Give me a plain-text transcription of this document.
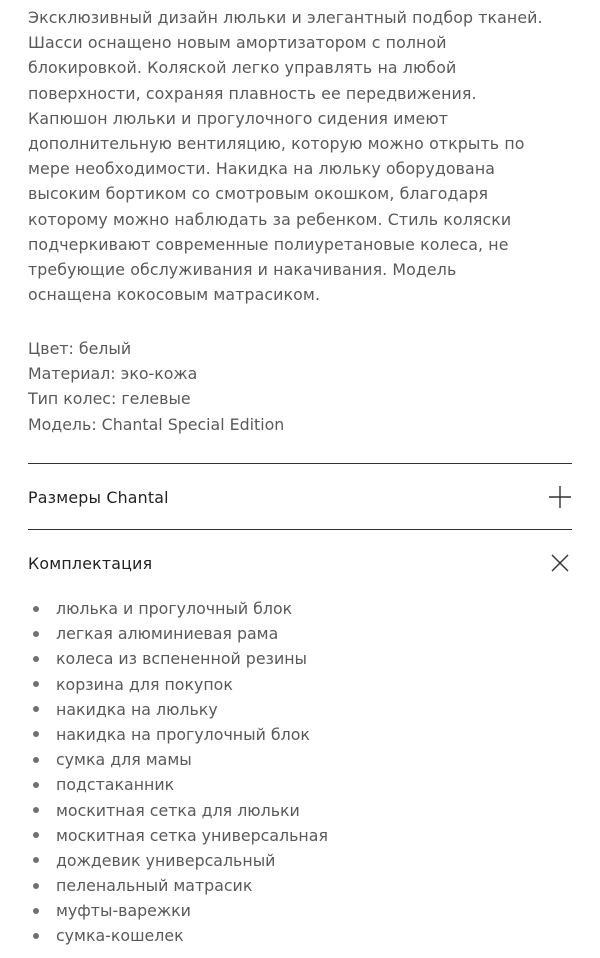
Эксклюзивный дизайн люльки и элегантный подбор тканей.
Шасси оснащено новым амортизатором с полной
блокировкой. Коляской легко управлять на любой
поверхности, сохраняя плавность ее передвижения.
Капюшон люльки и прогулочного сидения имеют
дополнительную вентиляцию, которую можно открыть по
мере необходимости. Накидка на люльку оборудована
высоким бортиком со смотровым окошком, благодаря
которому можно наблюдать за ребенком. Стиль коляски
подчеркивают современные полиуретановые колеса, не
требующие обслуживания и накачивания. Модель
оснащена кокосовым матрасиком.

Цвет: белый
Материал: эко-кожа
Тип колес: гелевые
Модель: Chantal Special Edition
Размеры Chantal
Комплектация
люлька и прогулочный блок
легкая алюминиевая рама
колеса из вспененной резины
корзина для покупок
накидка на люльку
накидка на прогулочный блок
сумка для мамы
подстаканник
москитная сетка для люльки
москитная сетка универсальная
дождевик универсальный
пеленальный матрасик
муфты-варежки
сумка-кошелек
